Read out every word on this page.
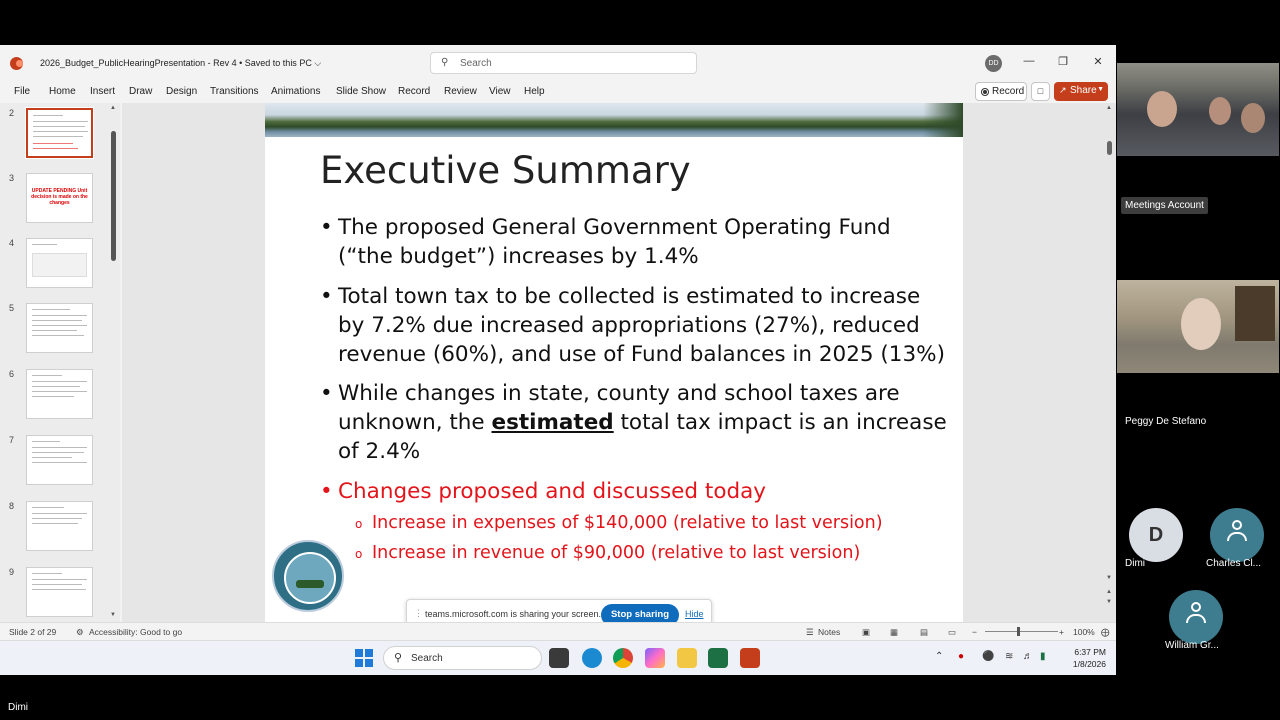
2026_Budget_PublicHearingPresentation - Rev 4 • Saved to this PC ⌵	⚲ Search	DD	— ❐	✕
File Home Insert Draw Design Transitions Animations Slide Show Record Review View Help	Record	□	↗ Share ▼
2
3
UPDATE PENDING Unit decision is made on the changes
4
5
6
7
8
9
▲
▼
Executive Summary
• The proposed General Government Operating Fund
(“the budget”) increases by 1.4%
• Total town tax to be collected is estimated to increase
by 7.2% due increased appropriations (27%), reduced
revenue (60%), and use of Fund balances in 2025 (13%)
• While changes in state, county and school taxes are
unknown, the estimated total tax impact is an increase
of 2.4%
• Changes proposed and discussed today
o Increase in expenses of $140,000 (relative to last version)
o Increase in revenue of $90,000 (relative to last version)
▲
▼
▲
▼
⋮ teams.microsoft.com is sharing your screen.	Stop sharing	Hide
Slide 2 of 29 ⚙ Accessibility: Good to go	☰ Notes	▣ ▦	▤ ▭ −	+ 100% ⨁
⚲ Search	⌃ ● ⚫ ≋ ♬ ▮	6:37 PM
1/8/2026
Meetings Account
Peggy De Stefano
D
Dimi	Charles Cl...
William Gr...
Dimi
